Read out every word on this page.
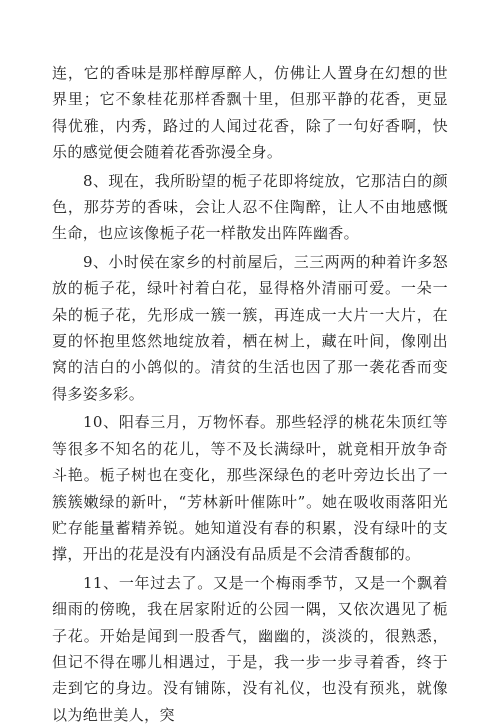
连，它的香味是那样醇厚醉人，仿佛让人置身在幻想的世界里；它不象桂花那样香飘十里，但那平静的花香，更显得优雅，内秀，路过的人闻过花香，除了一句好香啊，快乐的感觉便会随着花香弥漫全身。

8、现在，我所盼望的栀子花即将绽放，它那洁白的颜色，那芬芳的香味，会让人忍不住陶醉，让人不由地感慨生命，也应该像栀子花一样散发出阵阵幽香。

9、小时侯在家乡的村前屋后，三三两两的种着许多怒放的栀子花，绿叶衬着白花，显得格外清丽可爱。一朵一朵的栀子花，先形成一簇一簇，再连成一大片一大片，在夏的怀抱里悠然地绽放着，栖在树上，藏在叶间，像刚出窝的洁白的小鸽似的。清贫的生活也因了那一袭花香而变得多姿多彩。

10、阳春三月，万物怀春。那些轻浮的桃花朱顶红等等很多不知名的花儿，等不及长满绿叶，就竟相开放争奇斗艳。栀子树也在变化，那些深绿色的老叶旁边长出了一簇簇嫩绿的新叶，“芳林新叶催陈叶”。她在吸收雨落阳光贮存能量蓄精养锐。她知道没有春的积累，没有绿叶的支撑，开出的花是没有内涵没有品质是不会清香馥郁的。

11、一年过去了。又是一个梅雨季节，又是一个飘着细雨的傍晚，我在居家附近的公园一隅，又依次遇见了栀子花。开始是闻到一股香气，幽幽的，淡淡的，很熟悉，但记不得在哪儿相遇过，于是，我一步一步寻着香，终于走到它的身边。没有铺陈，没有礼仪，也没有预兆，就像以为绝世美人，突
